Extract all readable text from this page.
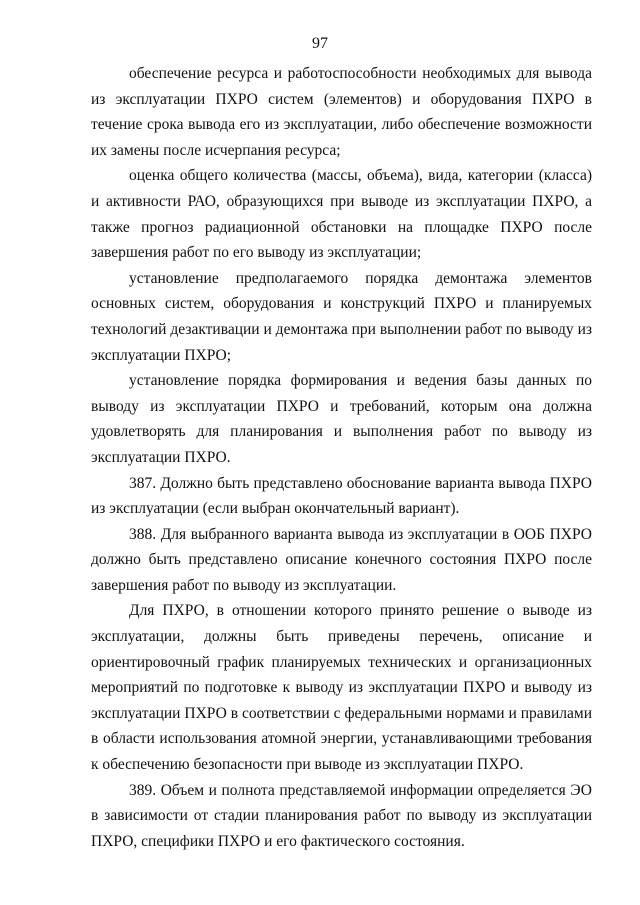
97

обеспечение ресурса и работоспособности необходимых для вывода из эксплуатации ПХРО систем (элементов) и оборудования ПХРО в течение срока вывода его из эксплуатации, либо обеспечение возможности их замены после исчерпания ресурса;

оценка общего количества (массы, объема), вида, категории (класса) и активности РАО, образующихся при выводе из эксплуатации ПХРО, а также прогноз радиационной обстановки на площадке ПХРО после завершения работ по его выводу из эксплуатации;

установление предполагаемого порядка демонтажа элементов основных систем, оборудования и конструкций ПХРО и планируемых технологий дезактивации и демонтажа при выполнении работ по выводу из эксплуатации ПХРО;

установление порядка формирования и ведения базы данных по выводу из эксплуатации ПХРО и требований, которым она должна удовлетворять для планирования и выполнения работ по выводу из эксплуатации ПХРО.

387. Должно быть представлено обоснование варианта вывода ПХРО из эксплуатации (если выбран окончательный вариант).

388. Для выбранного варианта вывода из эксплуатации в ООБ ПХРО должно быть представлено описание конечного состояния ПХРО после завершения работ по выводу из эксплуатации.

Для ПХРО, в отношении которого принято решение о выводе из эксплуатации, должны быть приведены перечень, описание и ориентировочный график планируемых технических и организационных мероприятий по подготовке к выводу из эксплуатации ПХРО и выводу из эксплуатации ПХРО в соответствии с федеральными нормами и правилами в области использования атомной энергии, устанавливающими требования к обеспечению безопасности при выводе из эксплуатации ПХРО.

389. Объем и полнота представляемой информации определяется ЭО в зависимости от стадии планирования работ по выводу из эксплуатации ПХРО, специфики ПХРО и его фактического состояния.
